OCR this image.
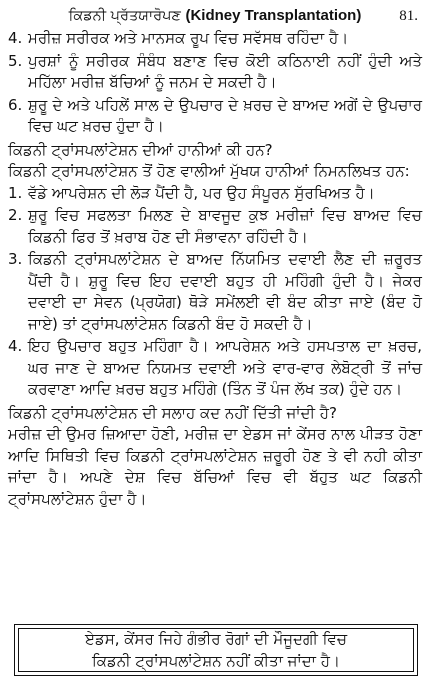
ਕਿਡਨੀ ਪ੍ਰੱਤਯਾਰੋਪਣ (Kidney Transplantation)	81.
4. ਮਰੀਜ਼ ਸਰੀਰਕ ਅਤੇ ਮਾਨਸਕ ਰੂਪ ਵਿਚ ਸਵੱਸਥ ਰਹਿੰਦਾ ਹੈ।
5. ਪੁਰਸ਼ਾਂ ਨੂੰ ਸਰੀਰਕ ਸੰਬੰਧ ਬਣਾਣ ਵਿਚ ਕੋਈ ਕਠਿਨਾਈ ਨਹੀਂ ਹੁੰਦੀ ਅਤੇ ਮਹਿੱਲਾ ਮਰੀਜ਼ ਬੱਚਿਆਂ ਨੂੰ ਜਨਮ ਦੇ ਸਕਦੀ ਹੈ।
6. ਸ਼ੁਰੂ ਦੇ ਅਤੇ ਪਹਿਲੇਂ ਸਾਲ ਦੇ ਉਪਚਾਰ ਦੇ ਖ਼ਰਚ ਦੇ ਬਾਅਦ ਅਗੇਂ ਦੇ ਉਪਚਾਰ ਵਿਚ ਘਟ ਖ਼ਰਚ ਹੁੰਦਾ ਹੈ।
ਕਿਡਨੀ ਟ੍ਰਾਂਸਪਲਾਂਟੇਸ਼ਨ ਦੀਆਂ ਹਾਨੀਆਂ ਕੀ ਹਨ?
ਕਿਡਨੀ ਟ੍ਰਾਂਸਪਲਾਂਟੇਸ਼ਨ ਤੋਂ ਹੋਣ ਵਾਲੀਆਂ ਮੁੱਖਯ ਹਾਨੀਆਂ ਨਿਮਨਲਿਖਤ ਹਨ:
1. ਵੱਡੇ ਆਪਰੇਸ਼ਨ ਦੀ ਲੋੜ ਪੈਂਦੀ ਹੈ, ਪਰ ਉਹ ਸੰਪੂਰਨ ਸੁੱਰਖਿਅਤ ਹੈ।
2. ਸ਼ੁਰੂ ਵਿਚ ਸਫਲਤਾ ਮਿਲਣ ਦੇ ਬਾਵਜੂਦ ਕੁਝ ਮਰੀਜ਼ਾਂ ਵਿਚ ਬਾਅਦ ਵਿਚ ਕਿਡਨੀ ਫਿਰ ਤੋਂ ਖ਼ਰਾਬ ਹੋਣ ਦੀ ਸੰਭਾਵਨਾ ਰਹਿੰਦੀ ਹੈ।
3. ਕਿਡਨੀ ਟ੍ਰਾਂਸਪਲਾਂਟੇਸ਼ਨ ਦੇ ਬਾਅਦ ਨਿੱਯਮਿਤ ਦਵਾਈ ਲੈਣ ਦੀ ਜ਼ਰੂਰਤ ਪੈਂਦੀ ਹੈ। ਸ਼ੁਰੂ ਵਿਚ ਇਹ ਦਵਾਈ ਬਹੁਤ ਹੀ ਮਹਿੰਗੀ ਹੁੰਦੀ ਹੈ। ਜੇਕਰ ਦਵਾਈ ਦਾ ਸੇਵਨ (ਪ੍ਰਯੋਗ) ਥੋੜੇ ਸਮੇਂਲਈ ਵੀ ਬੰਦ ਕੀਤਾ ਜਾਏ (ਬੰਦ ਹੋ ਜਾਏ) ਤਾਂ ਟ੍ਰਾਂਸਪਲਾਂਟੇਸ਼ਨ ਕਿਡਨੀ ਬੰਦ ਹੋ ਸਕਦੀ ਹੈ।
4. ਇਹ ਉਪਚਾਰ ਬਹੁਤ ਮਹਿੰਗਾ ਹੈ। ਆਪਰੇਸ਼ਨ ਅਤੇ ਹਸਪਤਾਲ ਦਾ ਖ਼ਰਚ, ਘਰ ਜਾਣ ਦੇ ਬਾਅਦ ਨਿਯਮਤ ਦਵਾਈ ਅਤੇ ਵਾਰ-ਵਾਰ ਲੇਬੋਟ੍ਰੀ ਤੋਂ ਜਾਂਚ ਕਰਵਾਣਾ ਆਦਿ ਖ਼ਰਚ ਬਹੁਤ ਮਹਿੰਗੇ (ਤਿੰਨ ਤੋਂ ਪੰਜ ਲੱਖ ਤਕ) ਹੁੰਦੇ ਹਨ।
ਕਿਡਨੀ ਟ੍ਰਾਂਸਪਲਾਂਟੇਸ਼ਨ ਦੀ ਸਲਾਹ ਕਦ ਨਹੀਂ ਦਿੱਤੀ ਜਾਂਦੀ ਹੈ?
ਮਰੀਜ਼ ਦੀ ਉਮਰ ਜ਼ਿਆਦਾ ਹੋਣੀ, ਮਰੀਜ਼ ਦਾ ਏਡਸ ਜਾਂ ਕੇਂਸਰ ਨਾਲ ਪੀੜਤ ਹੋਣਾ ਆਦਿ ਸਿਥਿਤੀ ਵਿਚ ਕਿਡਨੀ ਟ੍ਰਾਂਸਪਲਾਂਟੇਸ਼ਨ ਜ਼ਰੂਰੀ ਹੋਣ ਤੇ ਵੀ ਨਹੀ ਕੀਤਾ ਜਾਂਦਾ ਹੈ। ਅਪਣੇ ਦੇਸ਼ ਵਿਚ ਬੱਚਿਆਂ ਵਿਚ ਵੀ ਬੱਹੁਤ ਘਟ ਕਿਡਨੀ ਟ੍ਰਾਂਸਪਲਾਂਟੇਸ਼ਨ ਹੁੰਦਾ ਹੈ।
ਏਡਸ, ਕੇਂਸਰ ਜਿਹੇ ਗੰਭੀਰ ਰੋਗਾਂ ਦੀ ਮੌਜੂਦਗੀ ਵਿਚ
ਕਿਡਨੀ ਟ੍ਰਾਂਸਪਲਾਂਟੇਸ਼ਨ ਨਹੀਂ ਕੀਤਾ ਜਾਂਦਾ ਹੈ।
